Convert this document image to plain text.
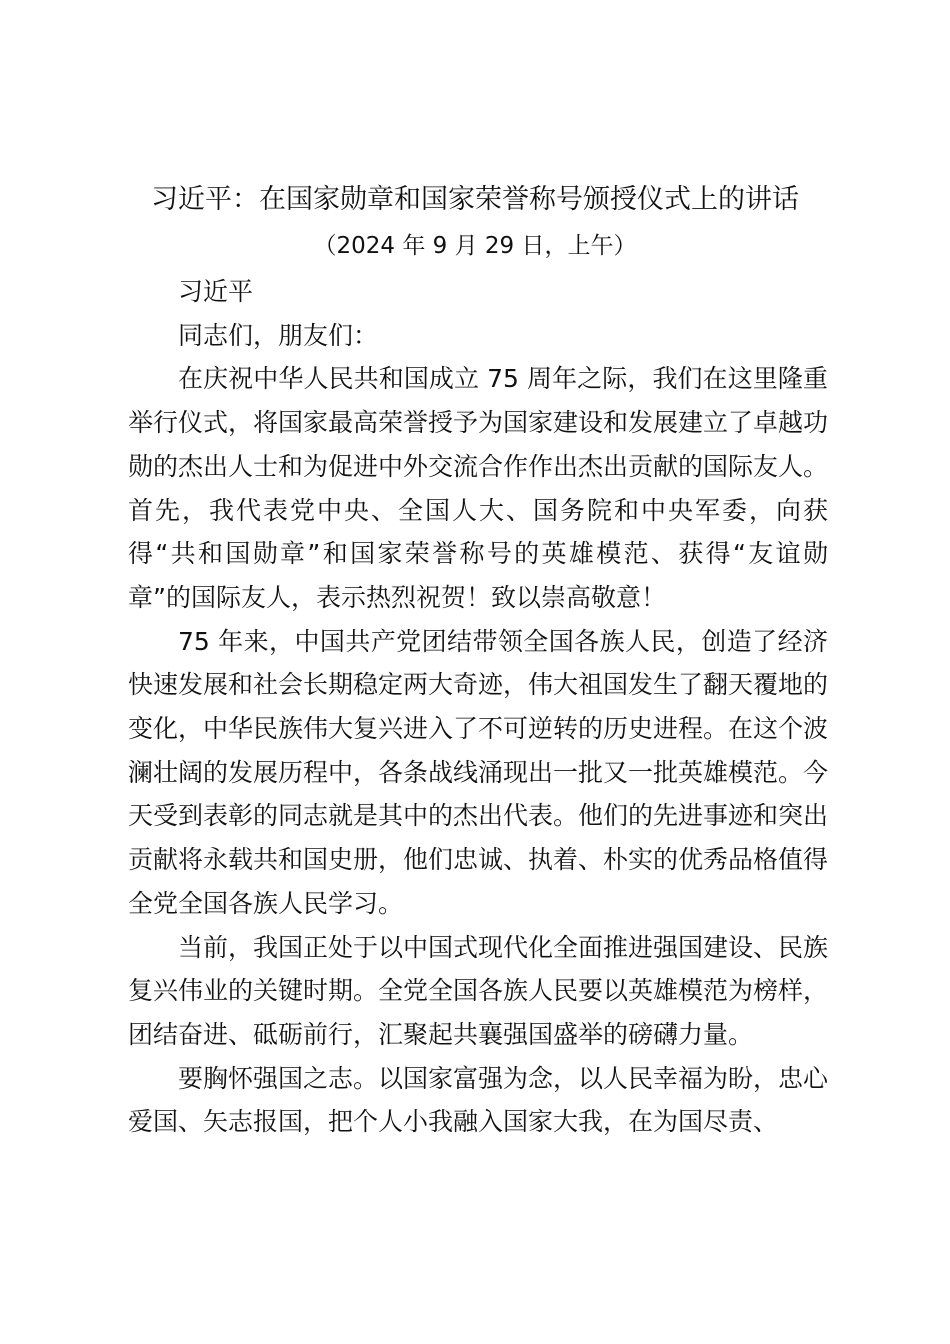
习近平：在国家勋章和国家荣誉称号颁授仪式上的讲话
（2024 年 9 月 29 日，上午）

习近平

同志们，朋友们：

在庆祝中华人民共和国成立 75 周年之际，我们在这里隆重举行仪式，将国家最高荣誉授予为国家建设和发展建立了卓越功勋的杰出人士和为促进中外交流合作作出杰出贡献的国际友人。首先，我代表党中央、全国人大、国务院和中央军委，向获得“共和国勋章”和国家荣誉称号的英雄模范、获得“友谊勋章”的国际友人，表示热烈祝贺！致以崇高敬意！

75 年来，中国共产党团结带领全国各族人民，创造了经济快速发展和社会长期稳定两大奇迹，伟大祖国发生了翻天覆地的变化，中华民族伟大复兴进入了不可逆转的历史进程。在这个波澜壮阔的发展历程中，各条战线涌现出一批又一批英雄模范。今天受到表彰的同志就是其中的杰出代表。他们的先进事迹和突出贡献将永载共和国史册，他们忠诚、执着、朴实的优秀品格值得全党全国各族人民学习。

当前，我国正处于以中国式现代化全面推进强国建设、民族复兴伟业的关键时期。全党全国各族人民要以英雄模范为榜样，团结奋进、砥砺前行，汇聚起共襄强国盛举的磅礴力量。

要胸怀强国之志。以国家富强为念，以人民幸福为盼，忠心爱国、矢志报国，把个人小我融入国家大我，在为国尽责、
